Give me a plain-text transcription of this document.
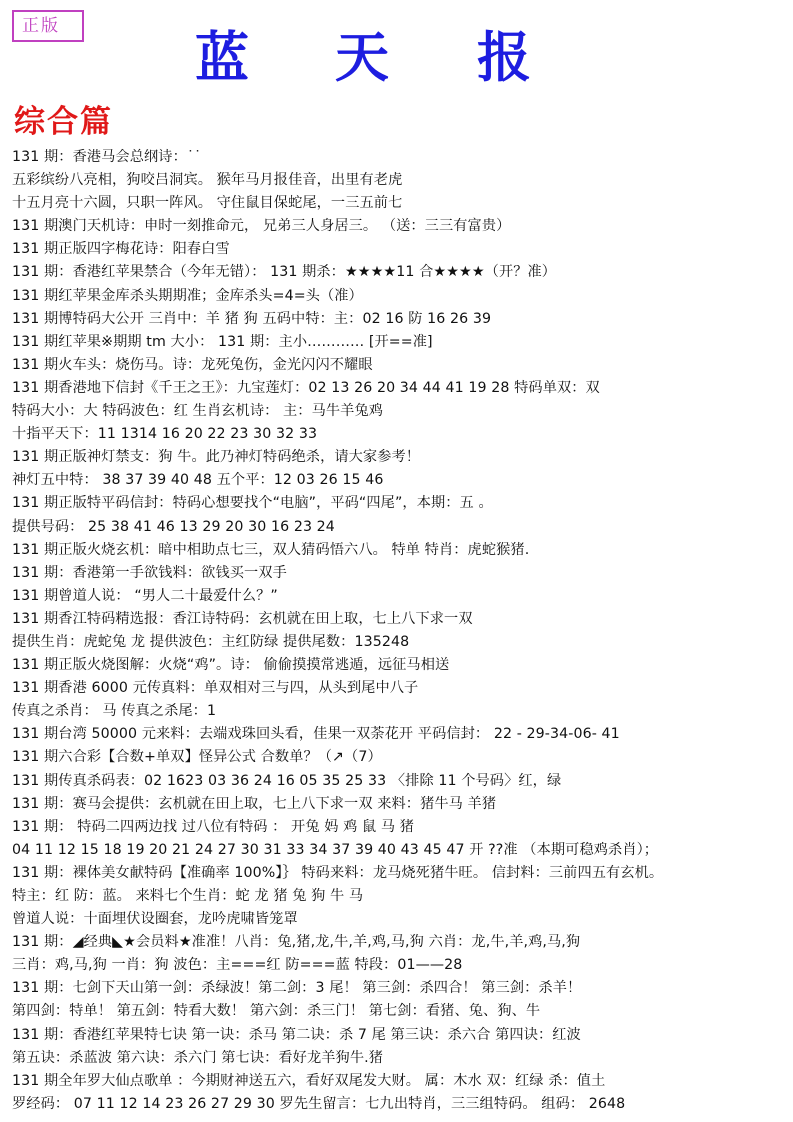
正版	蓝 天 报
综合篇
131 期：香港马会总纲诗：˙˙
五彩缤纷八亮相，狗咬吕洞宾。 猴年马月报佳音，出里有老虎
十五月亮十六圆，只职一阵风。 守住鼠目保蛇尾，一三五前七
131 期澳门天机诗：申时一刻推命元， 兄弟三人身居三。 （送：三三有富贵）
131 期正版四字梅花诗：阳春白雪
131 期：香港红苹果禁合（今年无错）： 131 期杀：★★★★11 合★★★★（开？准）
131 期红苹果金库杀头期期准；金库杀头=4=头（准）
131 期博特码大公开 三肖中：羊 猪 狗 五码中特：主：02 16 防 16 26 39
131 期红苹果※期期 tm 大小： 131 期：主小………… [开==准]
131 期火车头：烧伤马。诗：龙死兔伤，金光闪闪不耀眼
131 期香港地下信封《千王之王》：九宝莲灯：02 13 26 20 34 44 41 19 28 特码单双：双
特码大小：大 特码波色：红 生肖玄机诗： 主：马牛羊兔鸡
十指平天下：11 1314 16 20 22 23 30 32 33
131 期正版神灯禁支：狗 牛。此乃神灯特码绝杀，请大家参考！
神灯五中特： 38 37 39 40 48 五个平：12 03 26 15 46
131 期正版特平码信封：特码心想要找个“电脑”，平码“四尾”，本期：五 。
提供号码： 25 38 41 46 13 29 20 30 16 23 24
131 期正版火烧玄机：暗中相助点七三，双人猜码悟六八。 特单 特肖：虎蛇猴猪.
131 期：香港第一手欲钱料：欲钱买一双手
131 期曾道人说： “男人二十最爱什么？”
131 期香江特码精选报：香江诗特码：玄机就在田上取，七上八下求一双
提供生肖：虎蛇兔 龙 提供波色：主红防绿 提供尾数：135248
131 期正版火烧图解：火烧“鸡”。诗： 偷偷摸摸常逃遁，远征马相送
131 期香港 6000 元传真料：单双相对三与四，从头到尾中八子
传真之杀肖： 马 传真之杀尾：1
131 期台湾 50000 元来料：去端戏珠回头看，佳果一双荼花开 平码信封： 22 - 29-34-06- 41
131 期六合彩【合数+单双】怪异公式 合数单？（↗（7）
131 期传真杀码表：02 1623 03 36 24 16 05 35 25 33 〈排除 11 个号码〉红，绿
131 期：赛马会提供：玄机就在田上取，七上八下求一双 来料：猪牛马 羊猪
131 期： 特码二四两边找 过八位有特码 ： 开兔 妈 鸡 鼠 马 猪
04 11 12 15 18 19 20 21 24 27 30 31 33 34 37 39 40 43 45 47 开 ??准 （本期可稳鸡杀肖）；
131 期：裸体美女献特码【准确率 100%】｝ 特码来料：龙马烧死猪牛旺。 信封料：三前四五有玄机。
特主：红 防：蓝。 来料七个生肖：蛇 龙 猪 兔 狗 牛 马
曾道人说：十面埋伏设圈套，龙吟虎啸皆笼罩
131 期：◢经典◣★会员料★准准！八肖：兔,猪,龙,牛,羊,鸡,马,狗 六肖：龙,牛,羊,鸡,马,狗
三肖：鸡,马,狗 一肖：狗 波色：主===红 防===蓝 特段：01——28
131 期：七剑下天山第一剑：杀绿波！第二剑：3 尾！ 第三剑：杀四合！ 第三剑：杀羊！
第四剑：特单！ 第五剑：特看大数！ 第六剑：杀三门！ 第七剑：看猪、兔、狗、牛
131 期：香港红苹果特七诀 第一诀：杀马 第二诀：杀 7 尾 第三诀：杀六合 第四诀：红波
第五诀：杀蓝波 第六诀：杀六门 第七诀：看好龙羊狗牛.猪
131 期全年罗大仙点歌单 ：今期财神送五六，看好双尾发大财。 属：木水 双：红绿 杀：值土
罗经码： 07 11 12 14 23 26 27 29 30 罗先生留言：七九出特肖，三三组特码。 组码： 2648
